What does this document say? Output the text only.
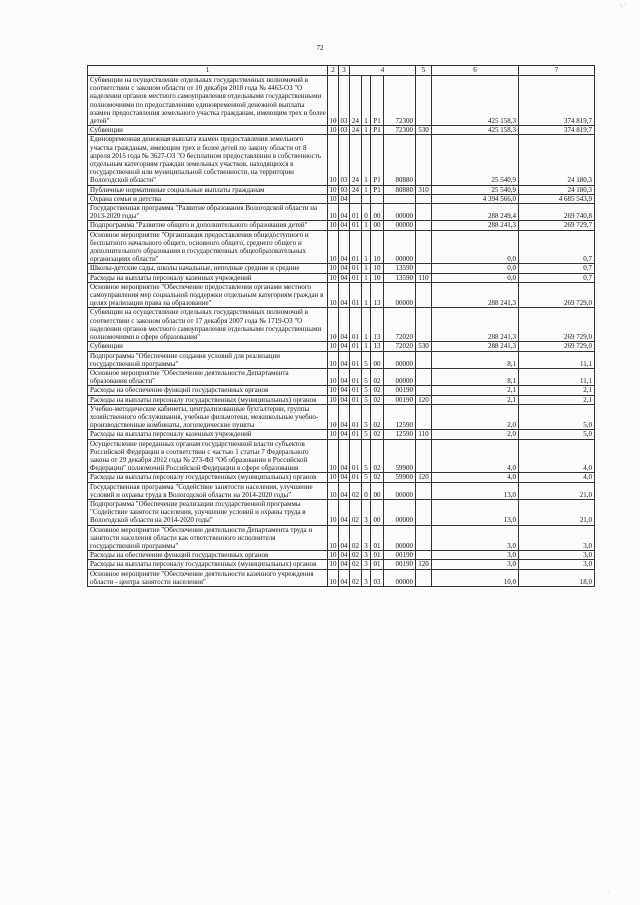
72
·, ·
· ·
1	2	3	4				5	6	7
Субвенции на осуществление отдельных государственных полномочий в соответствии с законом области от 10 декабря 2018 года № 4463-ОЗ "О наделении органов местного самоуправления отдельными государственными полномочиями по предоставлению единовременной денежной выплаты взамен предоставления земельного участка гражданам, имеющим трех и более детей"	10	03	24	1	P1	72300			425 158,3	374 819,7
Субвенции	10	03	24	1	P1	72300		530	425 158,3	374 819,7
Единовременная денежная выплата взамен предоставления земельного участка гражданам, имеющим трех и более детей по закону области от 8 апреля 2015 года № 3627-ОЗ "О бесплатном предоставлении в собственность отдельным категориям граждан земельных участков, находящихся в государственной или муниципальной собственности, на территории Вологодской области"	10	03	24	1	P1	80880			25 540,9	24 180,3
Публичные нормативные социальные выплаты гражданам	10	03	24	1	P1	80880		310	25 540,9	24 180,3
Охрана семьи и детства	10	04							4 394 566,0	4 685 543,9
Государственная программа "Развитие образования Вологодской области на 2013-2020 годы"	10	04	01	0	00	00000			288 249,4	269 740,8
Подпрограмма "Развитие общего и дополнительного образования детей"	10	04	01	1	00	00000			288 241,3	269 729,7
Основное мероприятие "Организация предоставления общедоступного и бесплатного начального общего, основного общего, среднего общего и дополнительного образования в государственных общеобразовательных организациях области"	10	04	01	1	10	00000			0,0	0,7
Школы-детские сады, школы начальные, неполные средние и средние	10	04	01	1	10	13590			0,0	0,7
Расходы на выплаты персоналу казенных учреждений	10	04	01	1	10	13590		110	0,0	0,7
Основное мероприятие "Обеспечение предоставления органами местного самоуправления мер социальной поддержки отдельным категориям граждан в целях реализации права на образование"	10	04	01	1	13	00000			288 241,3	269 729,0
Субвенции на осуществление отдельных государственных полномочий в соответствии с законом области от 17 декабря 2007 года № 1719-ОЗ "О наделении органов местного самоуправления отдельными государственными полномочиями в сфере образования"	10	04	01	1	13	72020			288 241,3	269 729,0
Субвенции	10	04	01	1	13	72020		530	288 241,3	269 729,0
Подпрограмма "Обеспечение создания условий для реализации государственной программы"	10	04	01	5	00	00000			8,1	11,1
Основное мероприятие "Обеспечение деятельности Департамента образования области"	10	04	01	5	02	00000			8,1	11,1
Расходы на обеспечение функций государственных органов	10	04	01	5	02	00190			2,1	2,1
Расходы на выплаты персоналу государственных (муниципальных) органов	10	04	01	5	02	00190		120	2,1	2,1
Учебно-методические кабинеты, централизованные бухгалтерии, группы хозяйственного обслуживания, учебные фильмотеки, межшкольные учебно-производственные комбинаты, логопедические пункты	10	04	01	5	02	12590			2,0	5,0
Расходы на выплаты персоналу казенных учреждений	10	04	01	5	02	12590		110	2,0	5,0
Осуществление переданных органам государственной власти субъектов Российской Федерации в соответствии с частью 1 статьи 7 Федерального закона от 29 декабря 2012 года № 273-ФЗ "Об образовании в Российской Федерации" полномочий Российской Федерации в сфере образования	10	04	01	5	02	59900			4,0	4,0
Расходы на выплаты персоналу государственных (муниципальных) органов	10	04	01	5	02	59900		120	4,0	4,0
Государственная программа "Содействие занятости населения, улучшение условий и охраны труда в Вологодской области на 2014-2020 годы"	10	04	02	0	00	00000			13,0	21,0
Подпрограмма "Обеспечение реализации государственной программы "Содействие занятости населения, улучшение условий и охраны труда в Вологодской области на 2014-2020 годы"	10	04	02	3	00	00000			13,0	21,0
Основное мероприятие "Обеспечение деятельности Департамента труда и занятости населения области как ответственного исполнителя государственной программы"	10	04	02	3	01	00000			3,0	3,0
Расходы на обеспечение функций государственных органов	10	04	02	3	01	00190			3,0	3,0
Расходы на выплаты персоналу государственных (муниципальных) органов	10	04	02	3	01	00190		120	3,0	3,0
Основное мероприятие "Обеспечение деятельности казенного учреждения области - центра занятости населения"	10	04	02	3	03	00000			10,0	18,0
